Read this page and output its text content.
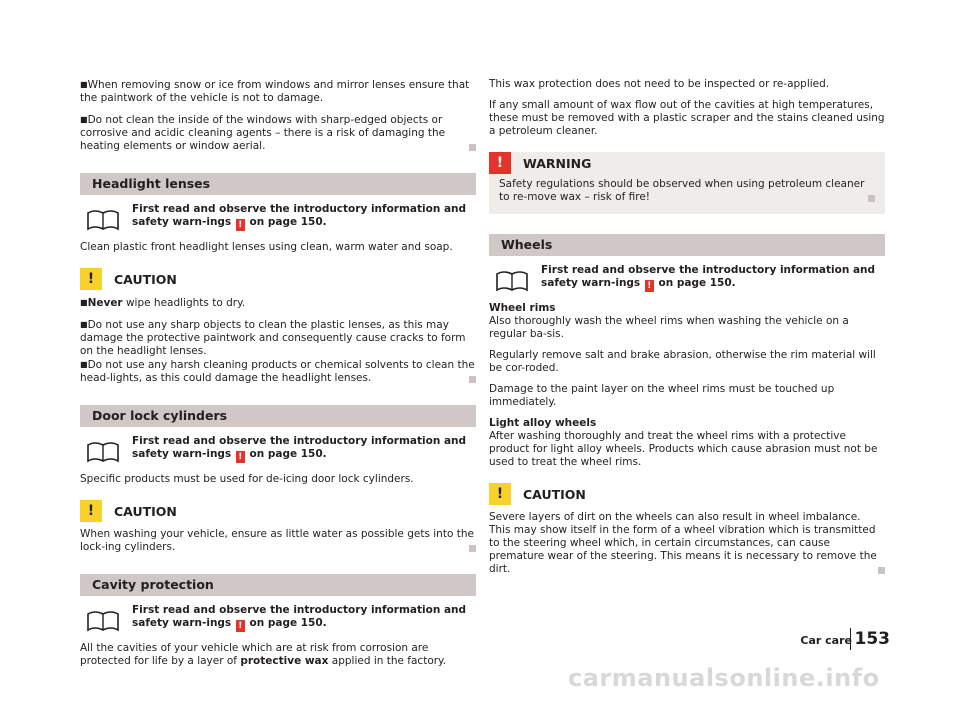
■ When removing snow or ice from windows and mirror lenses ensure that the paintwork of the vehicle is not to damage.

■ Do not clean the inside of the windows with sharp-edged objects or corrosive and acidic cleaning agents – there is a risk of damaging the heating elements or window aerial.

Headlight lenses
First read and observe the introductory information and safety warn-ings ! on page 150.

Clean plastic front headlight lenses using clean, warm water and soap.

!	CAUTION

■ Never wipe headlights to dry.

■ Do not use any sharp objects to clean the plastic lenses, as this may damage the protective paintwork and consequently cause cracks to form on the headlight lenses.

■ Do not use any harsh cleaning products or chemical solvents to clean the head-lights, as this could damage the headlight lenses.

Door lock cylinders
First read and observe the introductory information and safety warn-ings ! on page 150.

Specific products must be used for de-icing door lock cylinders.

!	CAUTION

When washing your vehicle, ensure as little water as possible gets into the lock-ing cylinders.

Cavity protection
First read and observe the introductory information and safety warn-ings ! on page 150.

All the cavities of your vehicle which are at risk from corrosion are protected for life by a layer of protective wax applied in the factory.

This wax protection does not need to be inspected or re-applied.

If any small amount of wax flow out of the cavities at high temperatures, these must be removed with a plastic scraper and the stains cleaned using a petroleum cleaner.

!	WARNING
Safety regulations should be observed when using petroleum cleaner to re-move wax – risk of fire!
Wheels
First read and observe the introductory information and safety warn-ings ! on page 150.

Wheel rims

Also thoroughly wash the wheel rims when washing the vehicle on a regular ba-sis.

Regularly remove salt and brake abrasion, otherwise the rim material will be cor-roded.

Damage to the paint layer on the wheel rims must be touched up immediately.

Light alloy wheels

After washing thoroughly and treat the wheel rims with a protective product for light alloy wheels. Products which cause abrasion must not be used to treat the wheel rims.

!	CAUTION

Severe layers of dirt on the wheels can also result in wheel imbalance. This may show itself in the form of a wheel vibration which is transmitted to the steering wheel which, in certain circumstances, can cause premature wear of the steering. This means it is necessary to remove the dirt.

Car care 153
carmanualsonline.info
